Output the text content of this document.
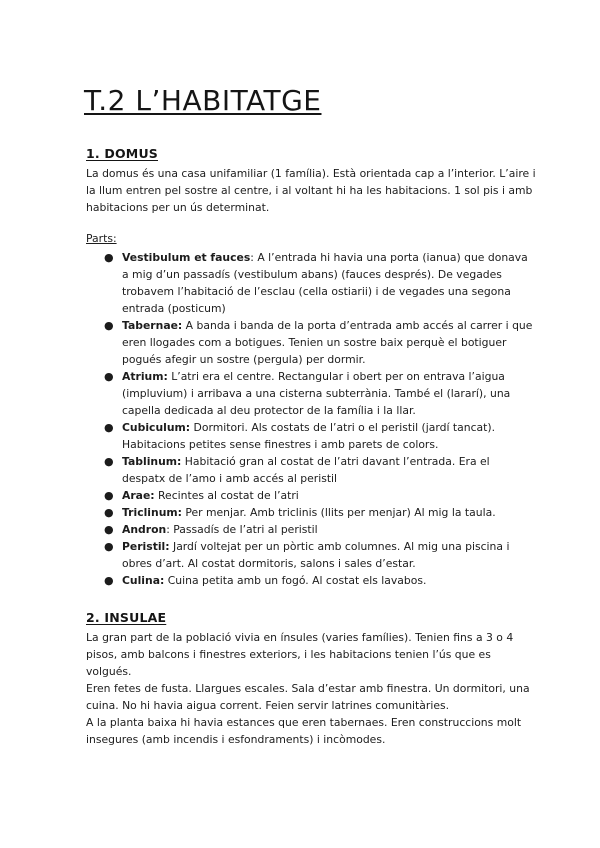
T.2 L’HABITATGE
1. DOMUS

La domus és una casa unifamiliar (1 família). Està orientada cap a l’interior. L’aire i la llum entren pel sostre al centre, i al voltant hi ha les habitacions. 1 sol pis i amb habitacions per un ús determinat.

Parts:

● Vestibulum et fauces: A l’entrada hi havia una porta (ianua) que donava a mig d’un passadís (vestibulum abans) (fauces després). De vegades trobavem l’habitació de l’esclau (cella ostiarii) i de vegades una segona entrada (posticum)
● Tabernae: A banda i banda de la porta d’entrada amb accés al carrer i que eren llogades com a botigues. Tenien un sostre baix perquè el botiguer pogués afegir un sostre (pergula) per dormir.
● Atrium: L’atri era el centre. Rectangular i obert per on entrava l’aigua (impluvium) i arribava a una cisterna subterrània. També el (lararí), una capella dedicada al deu protector de la família i la llar.
● Cubiculum: Dormitori. Als costats de l’atri o el peristil (jardí tancat). Habitacions petites sense finestres i amb parets de colors.
● Tablinum: Habitació gran al costat de l’atri davant l’entrada. Era el despatx de l’amo i amb accés al peristil
● Arae: Recintes al costat de l’atri
● Triclinum: Per menjar. Amb triclinis (llits per menjar) Al mig la taula.
● Andron: Passadís de l’atri al peristil
● Peristil: Jardí voltejat per un pòrtic amb columnes. Al mig una piscina i obres d’art. Al costat dormitoris, salons i sales d’estar.
● Culina: Cuina petita amb un fogó. Al costat els lavabos.
2. INSULAE

La gran part de la població vivia en ínsules (varies famílies). Tenien fins a 3 o 4 pisos, amb balcons i finestres exteriors, i les habitacions tenien l’ús que es volgués.

Eren fetes de fusta. Llargues escales. Sala d’estar amb finestra. Un dormitori, una cuina. No hi havia aigua corrent. Feien servir latrines comunitàries.

A la planta baixa hi havia estances que eren tabernaes. Eren construccions molt insegures (amb incendis i esfondraments) i incòmodes.
